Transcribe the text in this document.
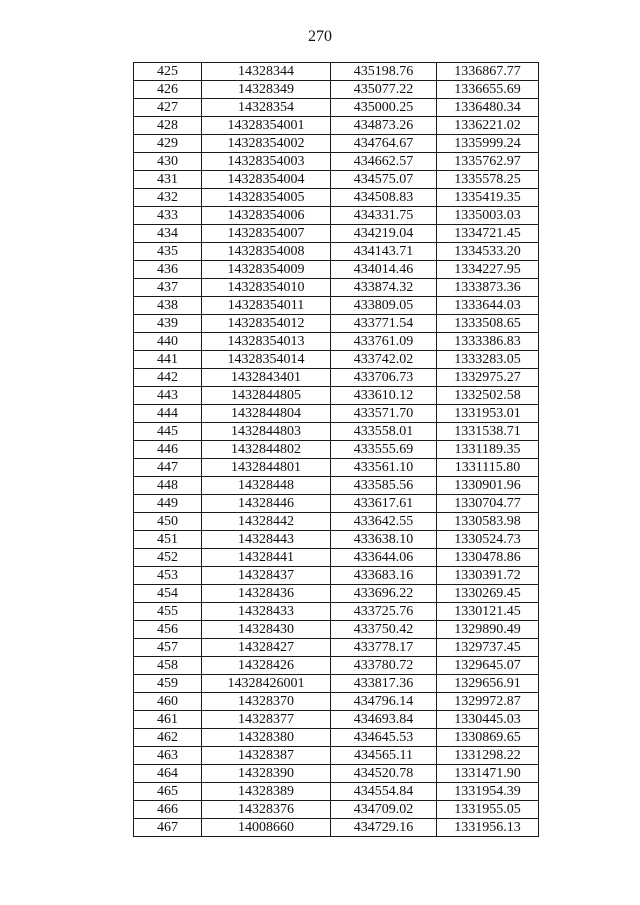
270
425	14328344	435198.76	1336867.77
426	14328349	435077.22	1336655.69
427	14328354	435000.25	1336480.34
428	14328354001	434873.26	1336221.02
429	14328354002	434764.67	1335999.24
430	14328354003	434662.57	1335762.97
431	14328354004	434575.07	1335578.25
432	14328354005	434508.83	1335419.35
433	14328354006	434331.75	1335003.03
434	14328354007	434219.04	1334721.45
435	14328354008	434143.71	1334533.20
436	14328354009	434014.46	1334227.95
437	14328354010	433874.32	1333873.36
438	14328354011	433809.05	1333644.03
439	14328354012	433771.54	1333508.65
440	14328354013	433761.09	1333386.83
441	14328354014	433742.02	1333283.05
442	1432843401	433706.73	1332975.27
443	1432844805	433610.12	1332502.58
444	1432844804	433571.70	1331953.01
445	1432844803	433558.01	1331538.71
446	1432844802	433555.69	1331189.35
447	1432844801	433561.10	1331115.80
448	14328448	433585.56	1330901.96
449	14328446	433617.61	1330704.77
450	14328442	433642.55	1330583.98
451	14328443	433638.10	1330524.73
452	14328441	433644.06	1330478.86
453	14328437	433683.16	1330391.72
454	14328436	433696.22	1330269.45
455	14328433	433725.76	1330121.45
456	14328430	433750.42	1329890.49
457	14328427	433778.17	1329737.45
458	14328426	433780.72	1329645.07
459	14328426001	433817.36	1329656.91
460	14328370	434796.14	1329972.87
461	14328377	434693.84	1330445.03
462	14328380	434645.53	1330869.65
463	14328387	434565.11	1331298.22
464	14328390	434520.78	1331471.90
465	14328389	434554.84	1331954.39
466	14328376	434709.02	1331955.05
467	14008660	434729.16	1331956.13
